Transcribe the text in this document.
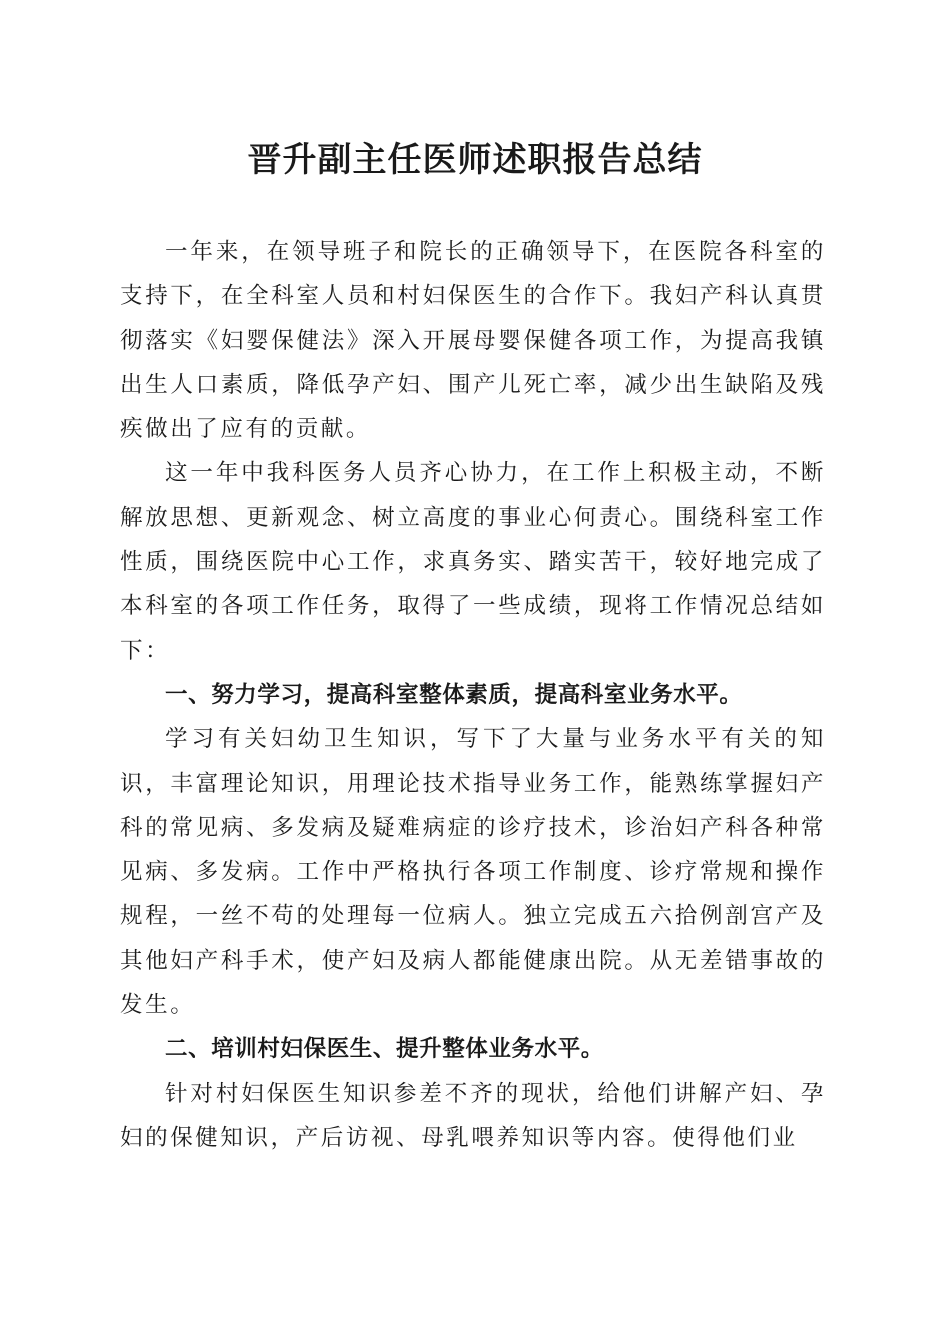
晋升副主任医师述职报告总结

一年来，在领导班子和院长的正确领导下，在医院各科室的支持下，在全科室人员和村妇保医生的合作下。我妇产科认真贯彻落实《妇婴保健法》深入开展母婴保健各项工作，为提高我镇出生人口素质，降低孕产妇、围产儿死亡率，减少出生缺陷及残疾做出了应有的贡献。

这一年中我科医务人员齐心协力，在工作上积极主动，不断解放思想、更新观念、树立高度的事业心何责心。围绕科室工作性质，围绕医院中心工作，求真务实、踏实苦干，较好地完成了本科室的各项工作任务，取得了一些成绩，现将工作情况总结如下：

一、努力学习，提高科室整体素质，提高科室业务水平。

学习有关妇幼卫生知识，写下了大量与业务水平有关的知识，丰富理论知识，用理论技术指导业务工作，能熟练掌握妇产科的常见病、多发病及疑难病症的诊疗技术，诊治妇产科各种常见病、多发病。工作中严格执行各项工作制度、诊疗常规和操作规程，一丝不苟的处理每一位病人。独立完成五六拾例剖宫产及其他妇产科手术，使产妇及病人都能健康出院。从无差错事故的发生。

二、培训村妇保医生、提升整体业务水平。

针对村妇保医生知识参差不齐的现状，给他们讲解产妇、孕妇的保健知识，产后访视、母乳喂养知识等内容。使得他们业
